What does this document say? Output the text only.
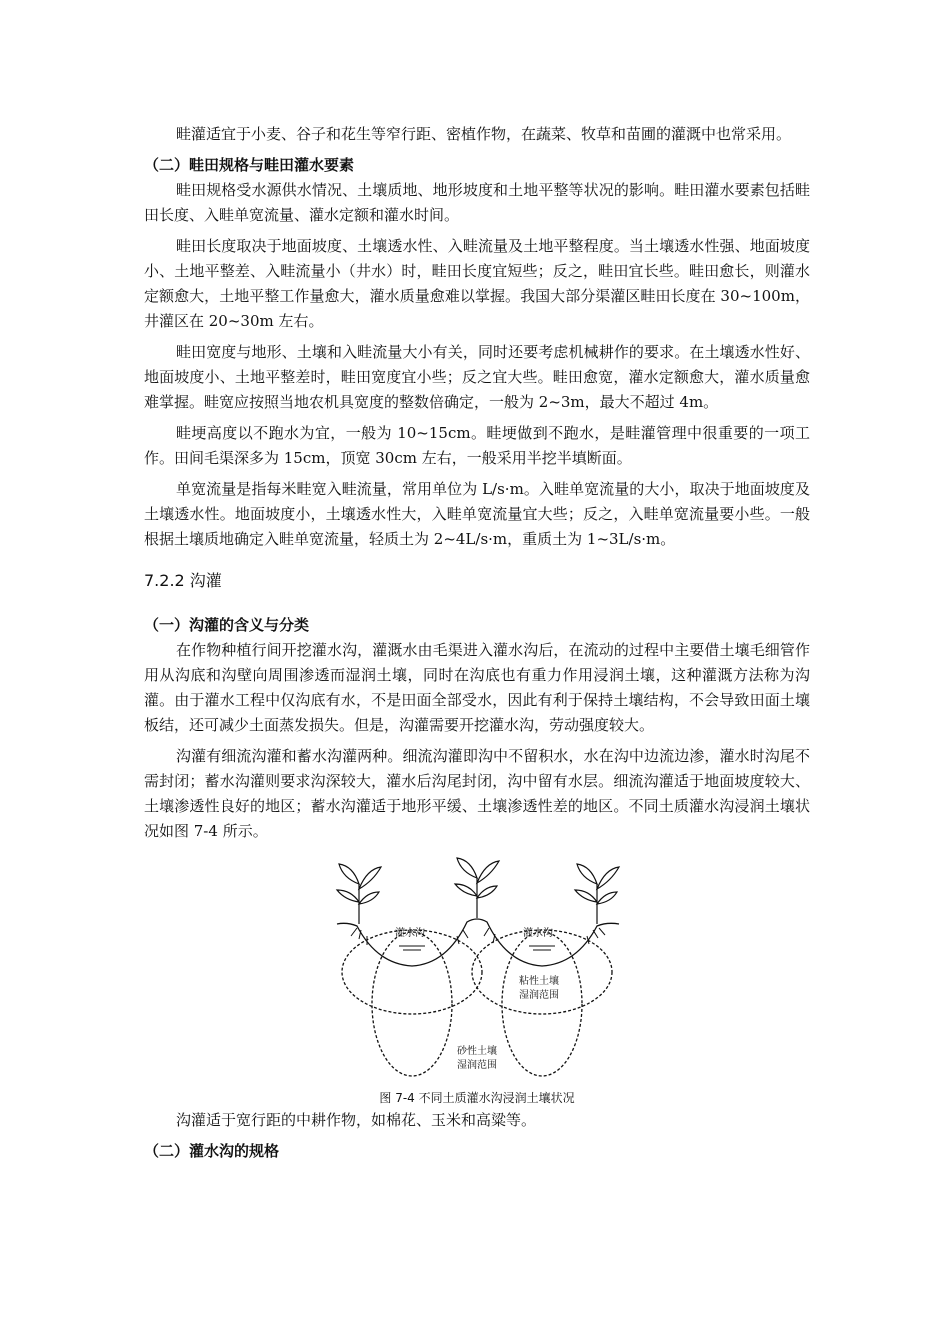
畦灌适宜于小麦、谷子和花生等窄行距、密植作物，在蔬菜、牧草和苗圃的灌溉中也常采用。

（二）畦田规格与畦田灌水要素

畦田规格受水源供水情况、土壤质地、地形坡度和土地平整等状况的影响。畦田灌水要素包括畦田长度、入畦单宽流量、灌水定额和灌水时间。

畦田长度取决于地面坡度、土壤透水性、入畦流量及土地平整程度。当土壤透水性强、地面坡度小、土地平整差、入畦流量小（井水）时，畦田长度宜短些；反之，畦田宜长些。畦田愈长，则灌水定额愈大，土地平整工作量愈大，灌水质量愈难以掌握。我国大部分渠灌区畦田长度在 30~100m，井灌区在 20~30m 左右。

畦田宽度与地形、土壤和入畦流量大小有关，同时还要考虑机械耕作的要求。在土壤透水性好、地面坡度小、土地平整差时，畦田宽度宜小些；反之宜大些。畦田愈宽，灌水定额愈大，灌水质量愈难掌握。畦宽应按照当地农机具宽度的整数倍确定，一般为 2~3m，最大不超过 4m。

畦埂高度以不跑水为宜，一般为 10~15cm。畦埂做到不跑水，是畦灌管理中很重要的一项工作。田间毛渠深多为 15cm，顶宽 30cm 左右，一般采用半挖半填断面。

单宽流量是指每米畦宽入畦流量，常用单位为 L/s·m。入畦单宽流量的大小，取决于地面坡度及土壤透水性。地面坡度小，土壤透水性大，入畦单宽流量宜大些；反之，入畦单宽流量要小些。一般根据土壤质地确定入畦单宽流量，轻质土为 2~4L/s·m，重质土为 1~3L/s·m。

7.2.2 沟灌
（一）沟灌的含义与分类

在作物种植行间开挖灌水沟，灌溉水由毛渠进入灌水沟后，在流动的过程中主要借土壤毛细管作用从沟底和沟壁向周围渗透而湿润土壤，同时在沟底也有重力作用浸润土壤，这种灌溉方法称为沟灌。由于灌水工程中仅沟底有水，不是田面全部受水，因此有利于保持土壤结构，不会导致田面土壤板结，还可减少土面蒸发损失。但是，沟灌需要开挖灌水沟，劳动强度较大。

沟灌有细流沟灌和蓄水沟灌两种。细流沟灌即沟中不留积水，水在沟中边流边渗，灌水时沟尾不需封闭；蓄水沟灌则要求沟深较大，灌水后沟尾封闭，沟中留有水层。细流沟灌适于地面坡度较大、土壤渗透性良好的地区；蓄水沟灌适于地形平缓、土壤渗透性差的地区。不同土质灌水沟浸润土壤状况如图 7-4 所示。

灌水沟	灌水沟
粘性土壤
湿润范围
砂性土壤
湿润范围
图 7-4 不同土质灌水沟浸润土壤状况

沟灌适于宽行距的中耕作物，如棉花、玉米和高粱等。

（二）灌水沟的规格
